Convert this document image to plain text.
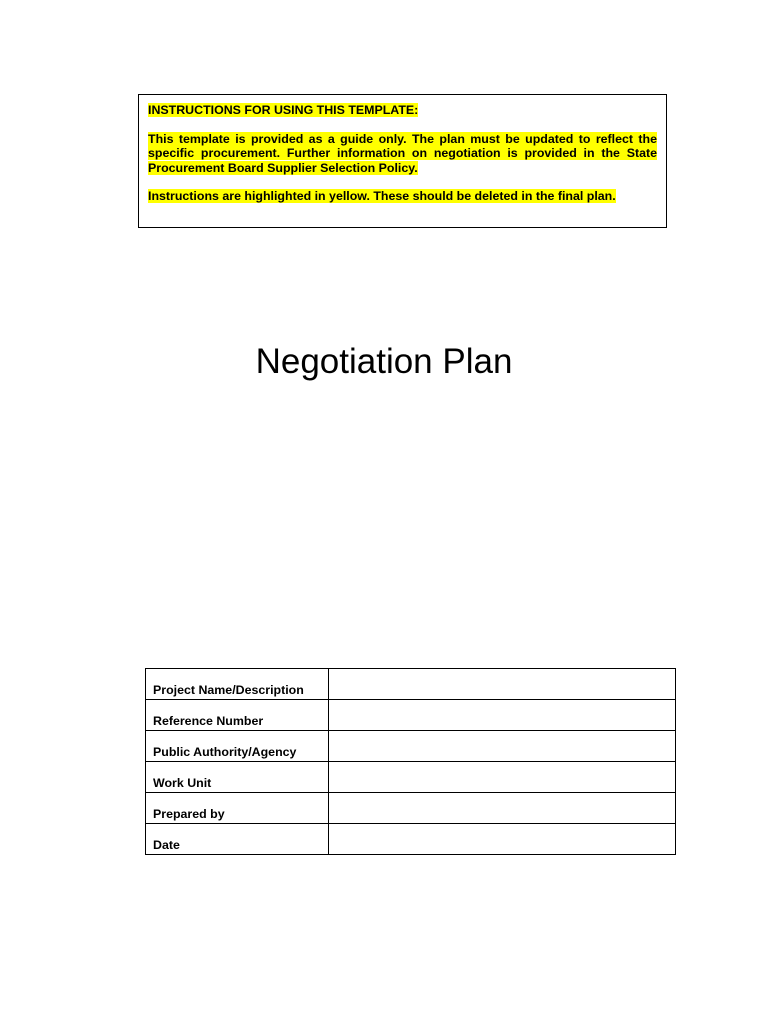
INSTRUCTIONS FOR USING THIS TEMPLATE:

This template is provided as a guide only. The plan must be updated to reflect the specific procurement. Further information on negotiation is provided in the State Procurement Board Supplier Selection Policy.

Instructions are highlighted in yellow. These should be deleted in the final plan.

Negotiation Plan
Project Name/Description	
Reference Number	
Public Authority/Agency	
Work Unit	
Prepared by	
Date	
